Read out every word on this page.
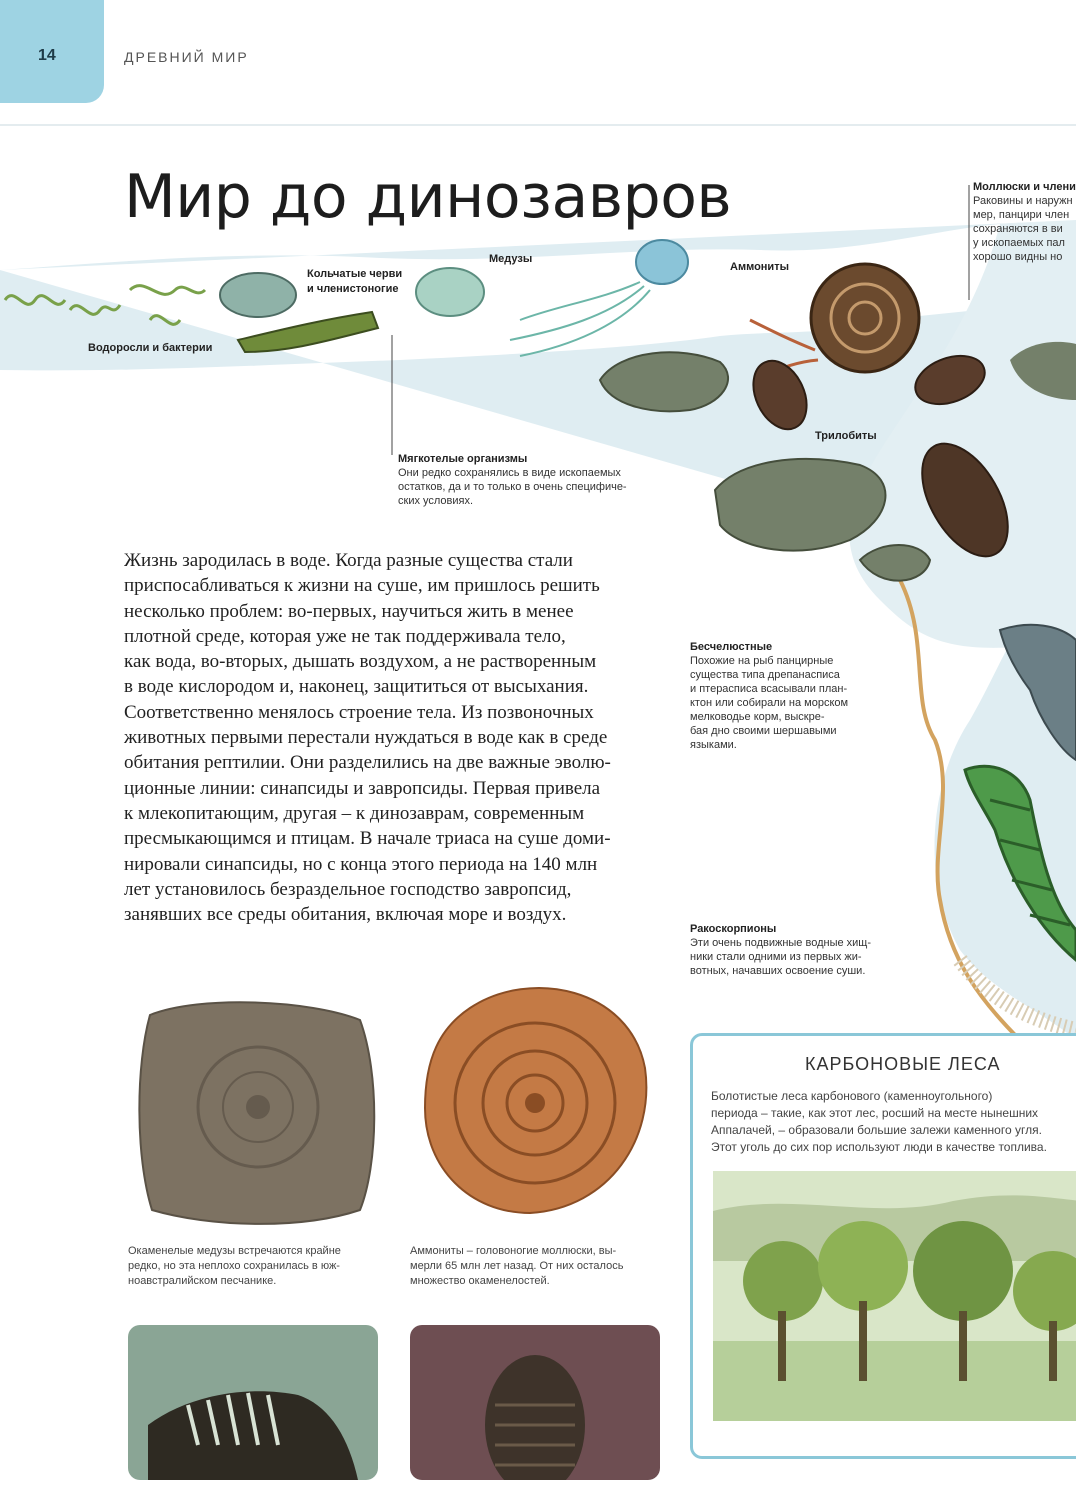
14	ДРЕВНИЙ МИР
Мир до динозавров
Водоросли и бактерии
Кольчатые черви
и членистоногие
Медузы
Аммониты
Трилобиты
Мягкотелые организмы
Они редко сохранялись в виде ископаемых
остатков, да и то только в очень специфиче-
ских условиях.
Моллюски и члени
Раковины и наружн
мер, панцири член
сохраняются в ви
у ископаемых пал
хорошо видны но
Бесчелюстные
Похожие на рыб панцирные
существа типа дрепанасписа
и птераспиcа всасывали план-
ктон или собирали на морском
мелководье корм, выскре-
бая дно своими шершавыми
языками.
Ракоскорпионы
Эти очень подвижные водные хищ-
ники стали одними из первых жи-
вотных, начавших освоение суши.
Жизнь зародилась в воде. Когда разные существа стали
приспосабливаться к жизни на суше, им пришлось решить
несколько проблем: во-первых, научиться жить в менее
плотной среде, которая уже не так поддерживала тело,
как вода, во-вторых, дышать воздухом, а не растворенным
в воде кислородом и, наконец, защититься от высыхания.
Соответственно менялось строение тела. Из позвоночных
животных первыми перестали нуждаться в воде как в среде
обитания рептилии. Они разделились на две важные эволю-
ционные линии: синапсиды и завропсиды. Первая привела
к млекопитающим, другая – к динозаврам, современным
пресмыкающимся и птицам. В начале триаса на суше доми-
нировали синапсиды, но с конца этого периода на 140 млн
лет установилось безраздельное господство завропсид,
занявших все среды обитания, включая море и воздух.
Окаменелые медузы встречаются крайне
редко, но эта неплохо сохранилась в юж-
ноавстралийском песчанике.
Аммониты – головоногие моллюски, вы-
мерли 65 млн лет назад. От них осталось
множество окаменелостей.
КАРБОНОВЫЕ ЛЕСА
Болотистые леса карбонового (каменноугольного)
периода – такие, как этот лес, росший на месте нынешних
Аппалачей, – образовали большие залежи каменного угля.
Этот уголь до сих пор используют люди в качестве топлива.
